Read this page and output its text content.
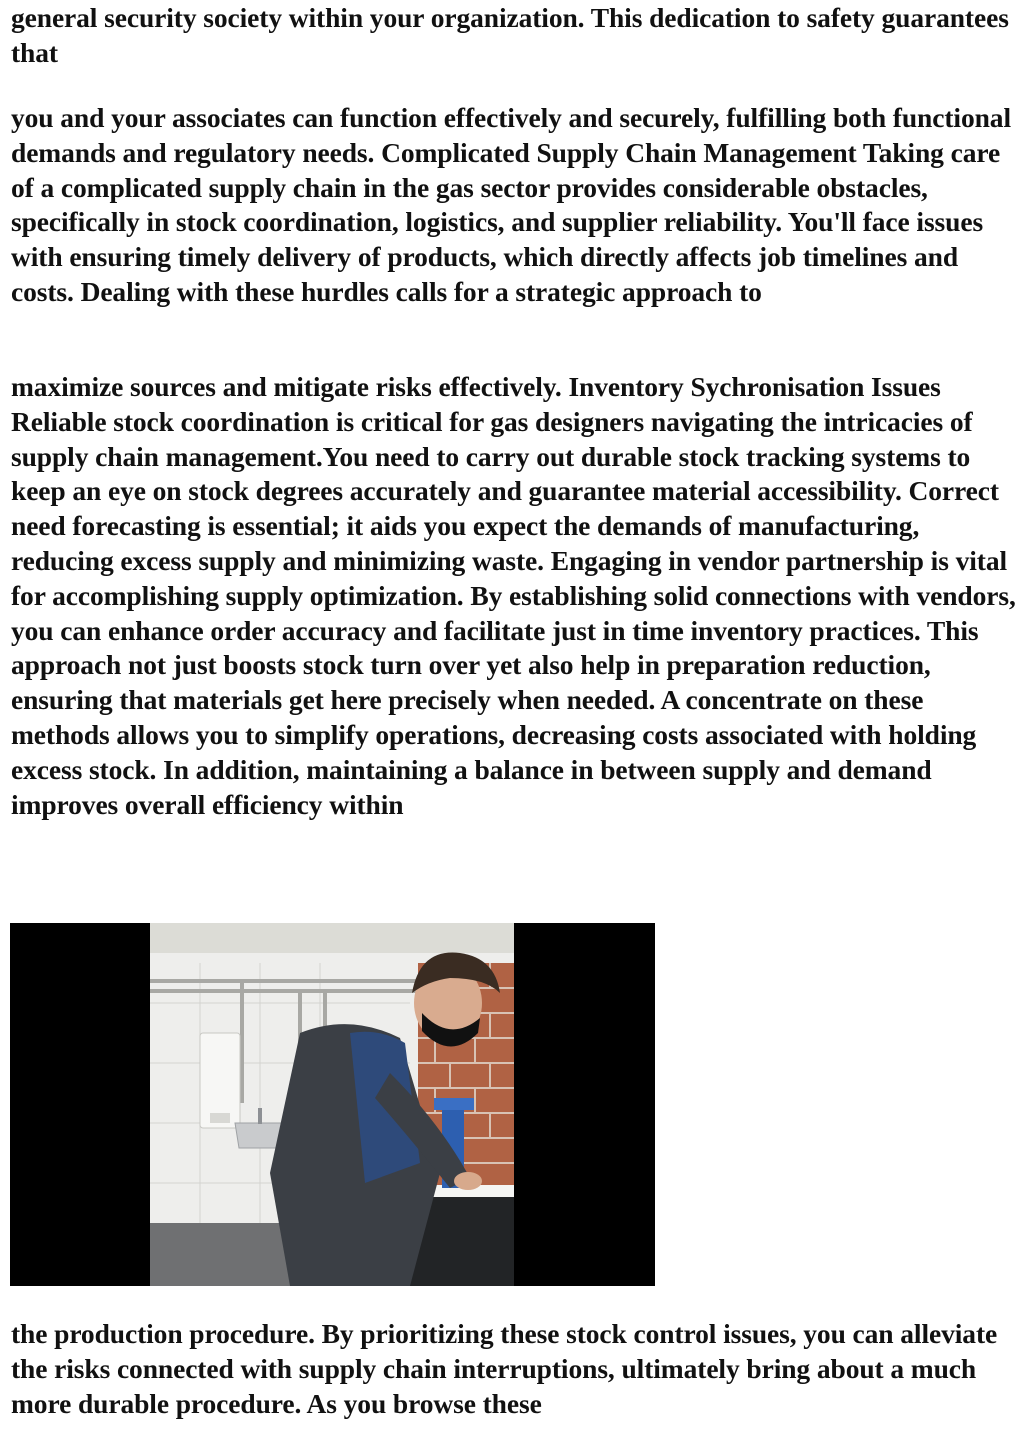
general security society within your organization. This dedication to safety guarantees that

you and your associates can function effectively and securely, fulfilling both functional demands and regulatory needs. Complicated Supply Chain Management Taking care of a complicated supply chain in the gas sector provides considerable obstacles, specifically in stock coordination, logistics, and supplier reliability. You'll face issues with ensuring timely delivery of products, which directly affects job timelines and costs. Dealing with these hurdles calls for a strategic approach to

maximize sources and mitigate risks effectively. Inventory Sychronisation Issues Reliable stock coordination is critical for gas designers navigating the intricacies of supply chain management.You need to carry out durable stock tracking systems to keep an eye on stock degrees accurately and guarantee material accessibility. Correct need forecasting is essential; it aids you expect the demands of manufacturing, reducing excess supply and minimizing waste. Engaging in vendor partnership is vital for accomplishing supply optimization. By establishing solid connections with vendors, you can enhance order accuracy and facilitate just in time inventory practices. This approach not just boosts stock turn over yet also help in preparation reduction, ensuring that materials get here precisely when needed. A concentrate on these methods allows you to simplify operations, decreasing costs associated with holding excess stock. In addition, maintaining a balance in between supply and demand improves overall efficiency within

the production procedure. By prioritizing these stock control issues, you can alleviate the risks connected with supply chain interruptions, ultimately bring about a much more durable procedure. As you browse these
